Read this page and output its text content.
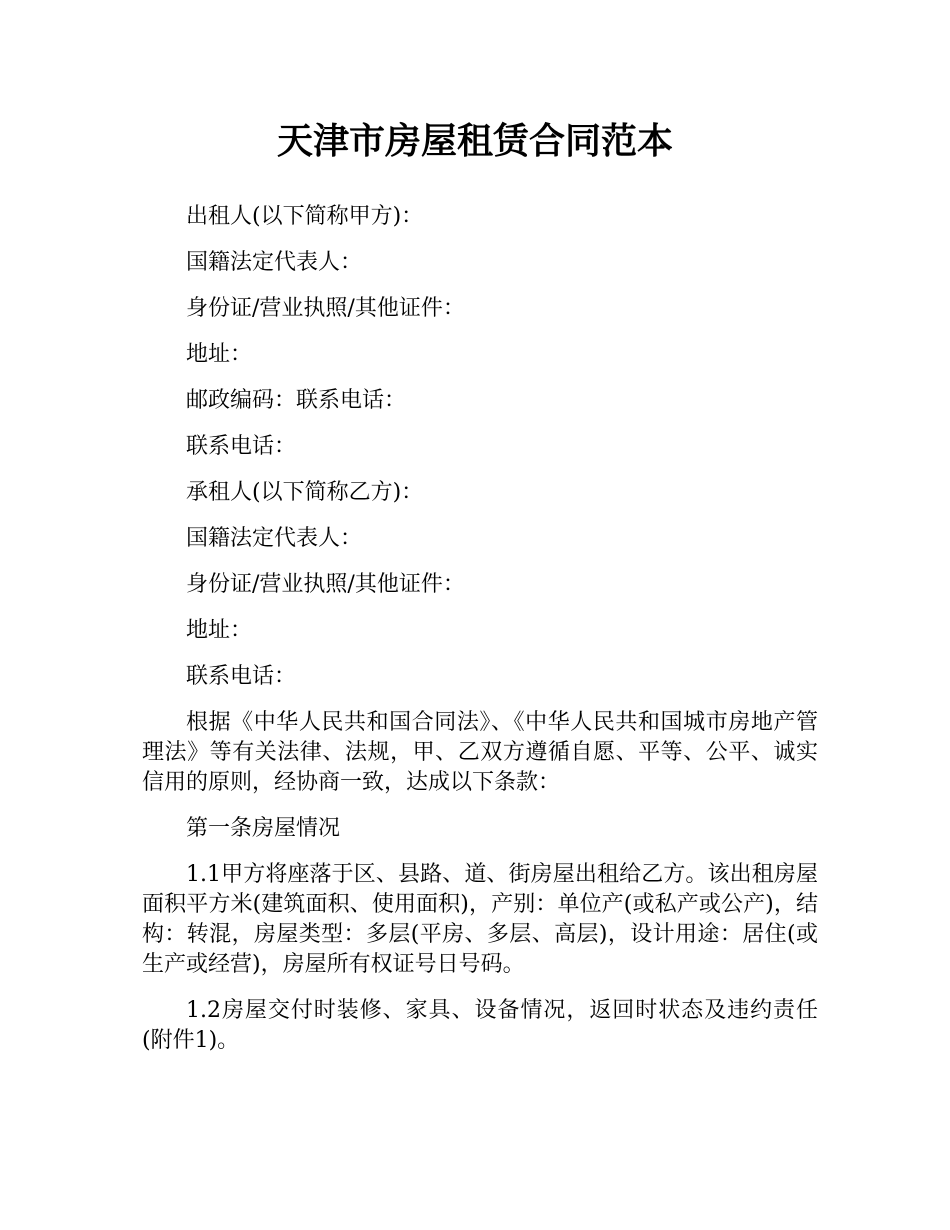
天津市房屋租赁合同范本

出租人(以下简称甲方)：

国籍法定代表人：

身份证/营业执照/其他证件：

地址：

邮政编码：联系电话：

联系电话：

承租人(以下简称乙方)：

国籍法定代表人：

身份证/营业执照/其他证件：

地址：

联系电话：

根据《中华人民共和国合同法》、《中华人民共和国城市房地产管理法》等有关法律、法规，甲、乙双方遵循自愿、平等、公平、诚实信用的原则，经协商一致，达成以下条款：

第一条房屋情况

1.1甲方将座落于区、县路、道、街房屋出租给乙方。该出租房屋面积平方米(建筑面积、使用面积)，产别：单位产(或私产或公产)，结构：转混，房屋类型：多层(平房、多层、高层)，设计用途：居住(或生产或经营)，房屋所有权证号日号码。

1.2房屋交付时装修、家具、设备情况，返回时状态及违约责任(附件1)。
